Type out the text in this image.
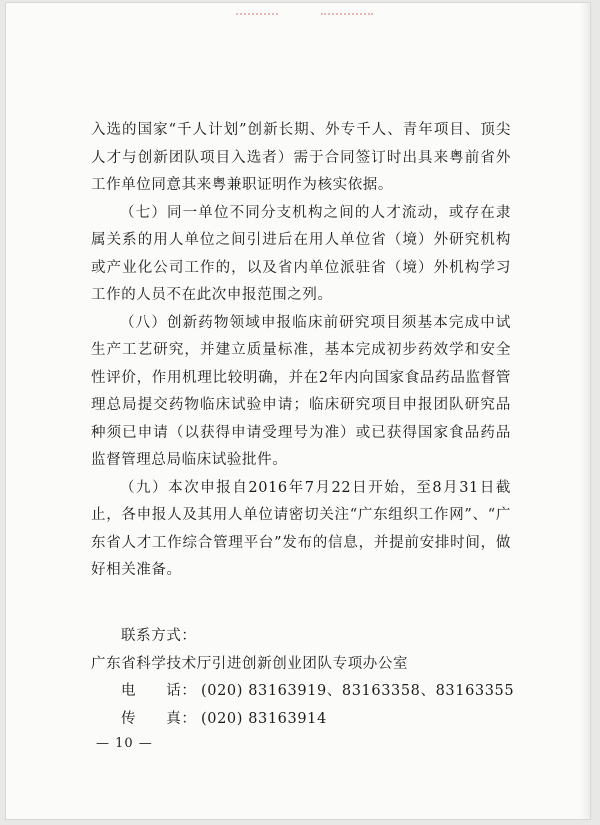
入选的国家“千人计划”创新长期、外专千人、青年项目、顶尖人才与创新团队项目入选者）需于合同签订时出具来粤前省外工作单位同意其来粤兼职证明作为核实依据。

（七）同一单位不同分支机构之间的人才流动，或存在隶属关系的用人单位之间引进后在用人单位省（境）外研究机构或产业化公司工作的，以及省内单位派驻省（境）外机构学习工作的人员不在此次申报范围之列。

（八）创新药物领域申报临床前研究项目须基本完成中试生产工艺研究，并建立质量标准，基本完成初步药效学和安全性评价，作用机理比较明确，并在2年内向国家食品药品监督管理总局提交药物临床试验申请；临床研究项目申报团队研究品种须已申请（以获得申请受理号为准）或已获得国家食品药品监督管理总局临床试验批件。

（九）本次申报自2016年7月22日开始，至8月31日截止，各申报人及其用人单位请密切关注“广东组织工作网”、“广东省人才工作综合管理平台”发布的信息，并提前安排时间，做好相关准备。

联系方式：
广东省科学技术厅引进创新创业团队专项办公室
电　　话： (020) 83163919、83163358、83163355
传　　真： (020) 83163914
— 10 —
